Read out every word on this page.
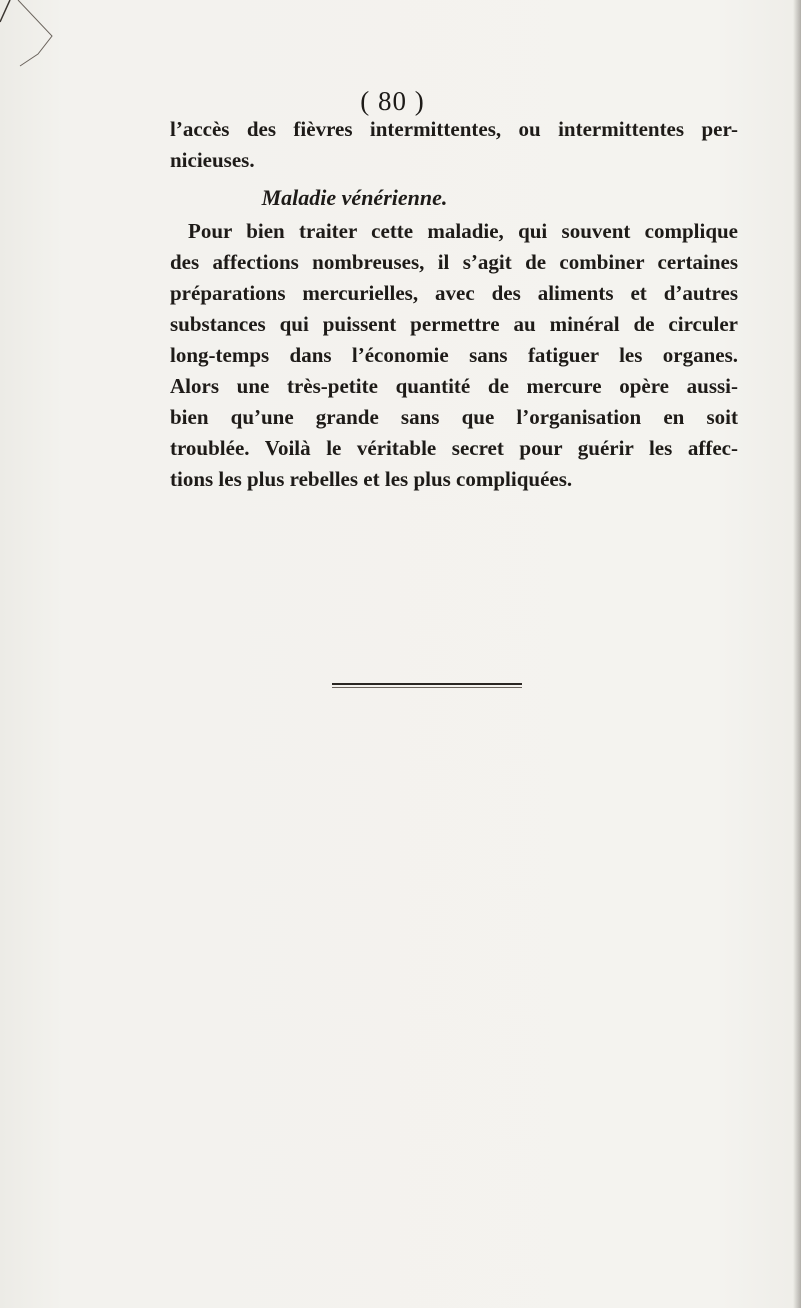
( 80 )
l’accès des fièvres intermittentes, ou intermittentes per-
nicieuses.
Maladie vénérienne.
Pour bien traiter cette maladie, qui souvent complique
des affections nombreuses, il s’agit de combiner certaines
préparations mercurielles, avec des aliments et d’autres
substances qui puissent permettre au minéral de circuler
long-temps dans l’économie sans fatiguer les organes.
Alors une très-petite quantité de mercure opère aussi-
bien qu’une grande sans que l’organisation en soit
troublée. Voilà le véritable secret pour guérir les affec-
tions les plus rebelles et les plus compliquées.
